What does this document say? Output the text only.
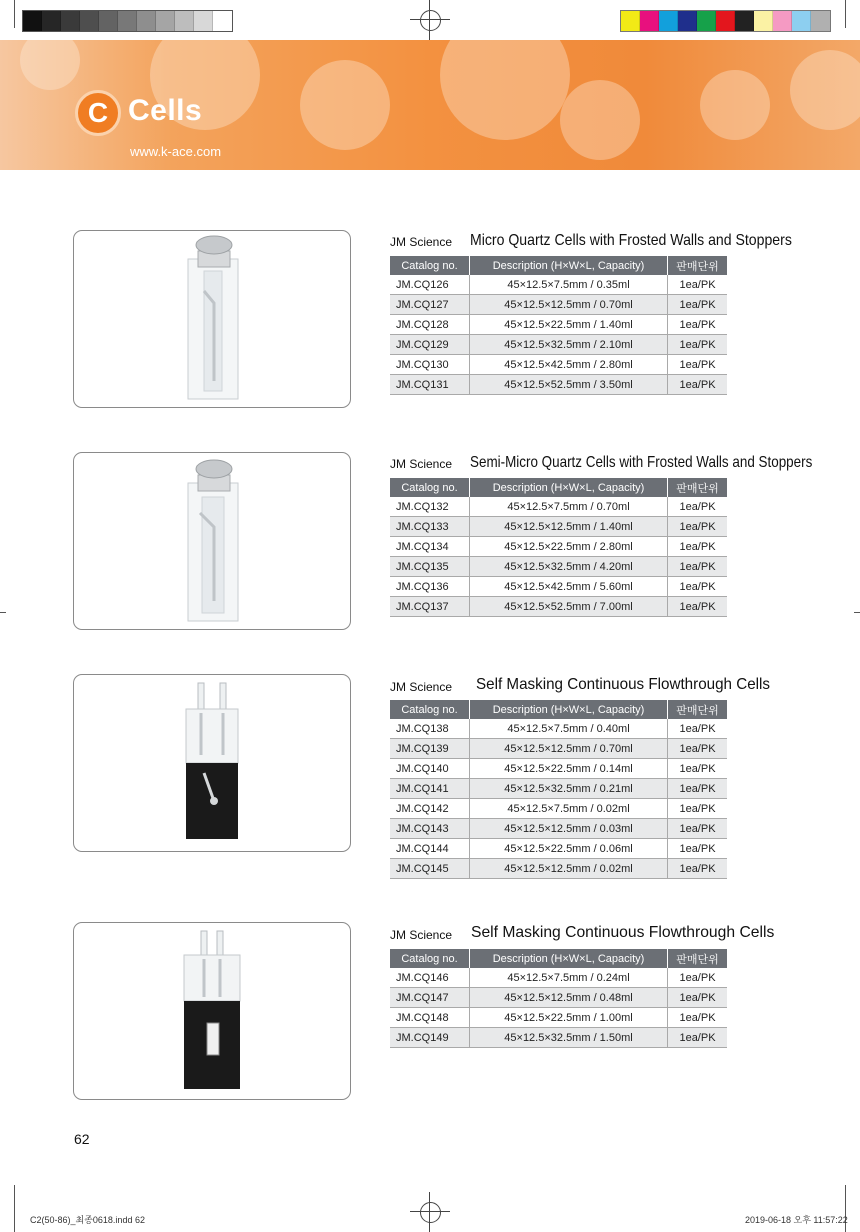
C Cells
www.k-ace.com
JM Science Micro Quartz Cells with Frosted Walls and Stoppers
Catalog no.	Description (H×W×L, Capacity)	판매단위
JM.CQ126	45×12.5×7.5mm / 0.35ml	1ea/PK
JM.CQ127	45×12.5×12.5mm / 0.70ml	1ea/PK
JM.CQ128	45×12.5×22.5mm / 1.40ml	1ea/PK
JM.CQ129	45×12.5×32.5mm / 2.10ml	1ea/PK
JM.CQ130	45×12.5×42.5mm / 2.80ml	1ea/PK
JM.CQ131	45×12.5×52.5mm / 3.50ml	1ea/PK
JM Science Semi-Micro Quartz Cells with Frosted Walls and Stoppers
Catalog no.	Description (H×W×L, Capacity)	판매단위
JM.CQ132	45×12.5×7.5mm / 0.70ml	1ea/PK
JM.CQ133	45×12.5×12.5mm / 1.40ml	1ea/PK
JM.CQ134	45×12.5×22.5mm / 2.80ml	1ea/PK
JM.CQ135	45×12.5×32.5mm / 4.20ml	1ea/PK
JM.CQ136	45×12.5×42.5mm / 5.60ml	1ea/PK
JM.CQ137	45×12.5×52.5mm / 7.00ml	1ea/PK
JM Science Self Masking Continuous Flowthrough Cells
Catalog no.	Description (H×W×L, Capacity)	판매단위
JM.CQ138	45×12.5×7.5mm / 0.40ml	1ea/PK
JM.CQ139	45×12.5×12.5mm / 0.70ml	1ea/PK
JM.CQ140	45×12.5×22.5mm / 0.14ml	1ea/PK
JM.CQ141	45×12.5×32.5mm / 0.21ml	1ea/PK
JM.CQ142	45×12.5×7.5mm / 0.02ml	1ea/PK
JM.CQ143	45×12.5×12.5mm / 0.03ml	1ea/PK
JM.CQ144	45×12.5×22.5mm / 0.06ml	1ea/PK
JM.CQ145	45×12.5×12.5mm / 0.02ml	1ea/PK
JM Science Self Masking Continuous Flowthrough Cells
Catalog no.	Description (H×W×L, Capacity)	판매단위
JM.CQ146	45×12.5×7.5mm / 0.24ml	1ea/PK
JM.CQ147	45×12.5×12.5mm / 0.48ml	1ea/PK
JM.CQ148	45×12.5×22.5mm / 1.00ml	1ea/PK
JM.CQ149	45×12.5×32.5mm / 1.50ml	1ea/PK
62
C2(50-86)_최종0618.indd 62	2019-06-18 오후 11:57:22
